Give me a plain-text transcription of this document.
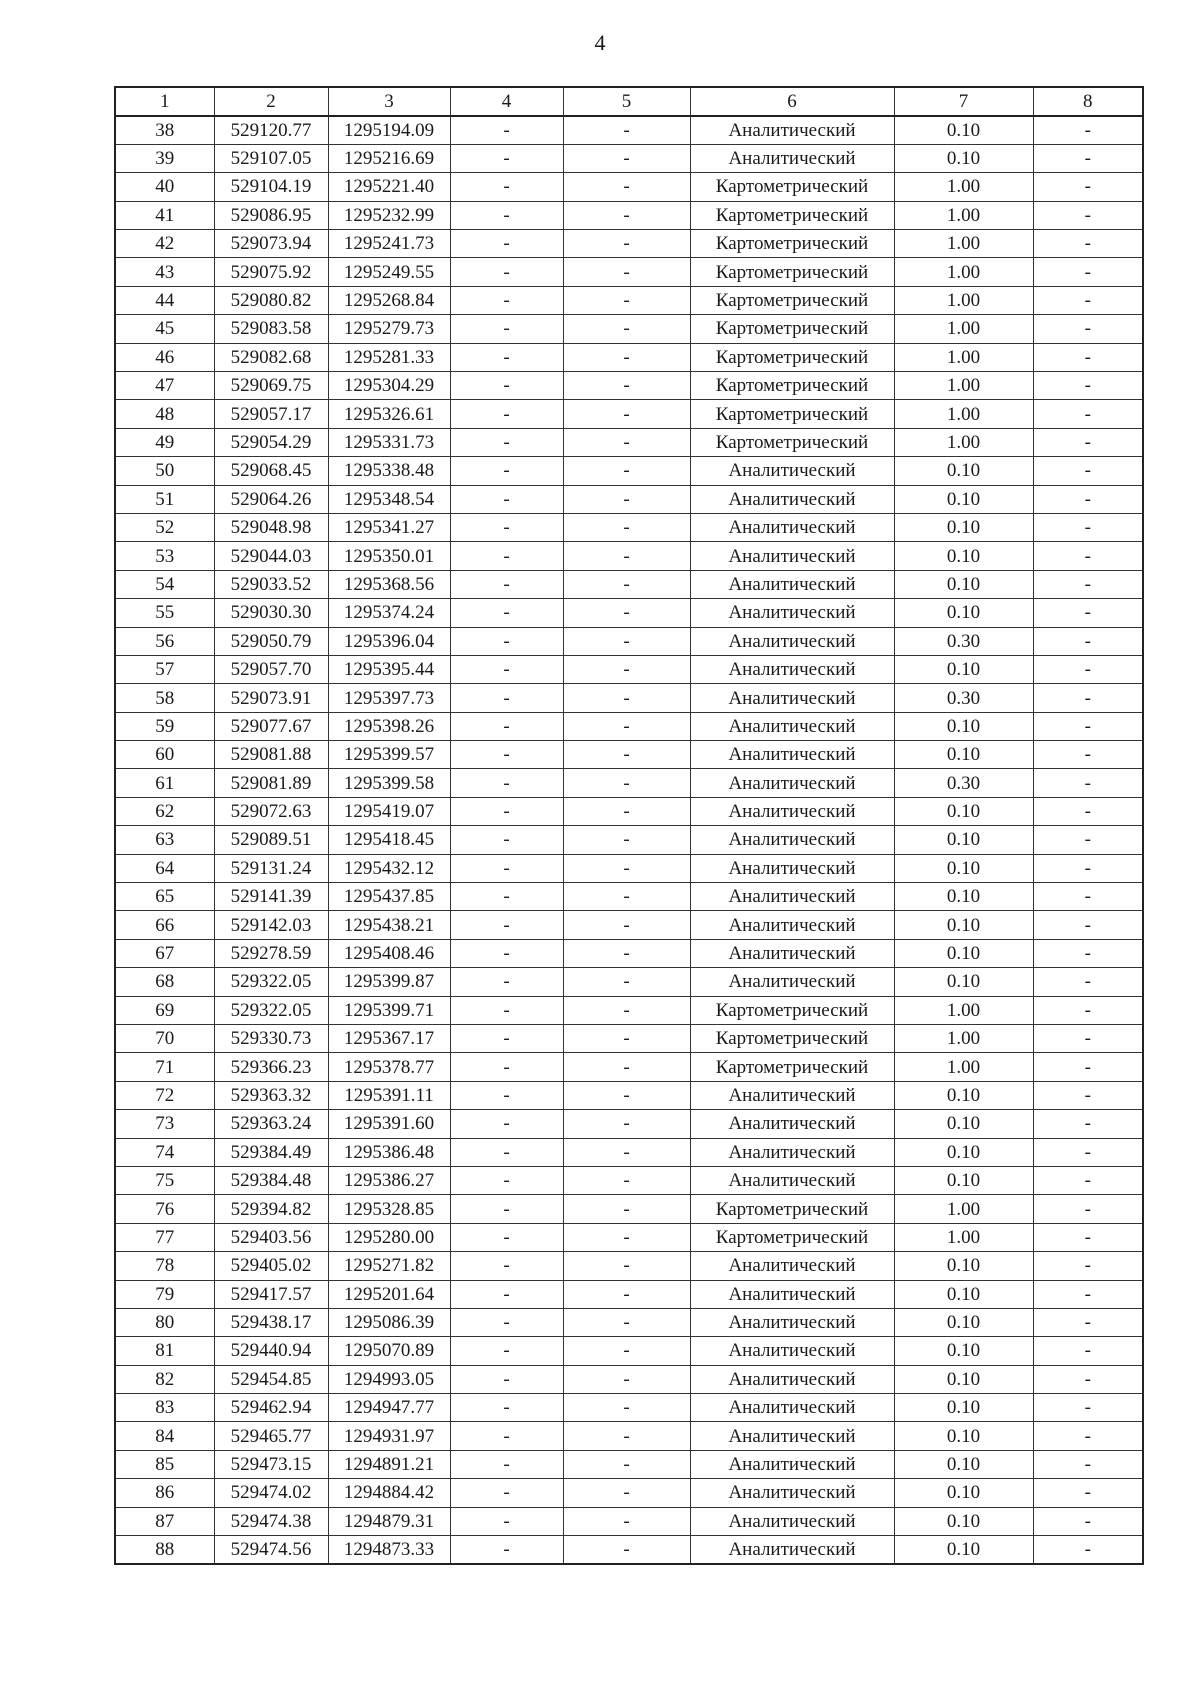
4
1	2	3	4	5	6	7	8
38	529120.77	1295194.09	-	-	Аналитический	0.10	-
39	529107.05	1295216.69	-	-	Аналитический	0.10	-
40	529104.19	1295221.40	-	-	Картометрический	1.00	-
41	529086.95	1295232.99	-	-	Картометрический	1.00	-
42	529073.94	1295241.73	-	-	Картометрический	1.00	-
43	529075.92	1295249.55	-	-	Картометрический	1.00	-
44	529080.82	1295268.84	-	-	Картометрический	1.00	-
45	529083.58	1295279.73	-	-	Картометрический	1.00	-
46	529082.68	1295281.33	-	-	Картометрический	1.00	-
47	529069.75	1295304.29	-	-	Картометрический	1.00	-
48	529057.17	1295326.61	-	-	Картометрический	1.00	-
49	529054.29	1295331.73	-	-	Картометрический	1.00	-
50	529068.45	1295338.48	-	-	Аналитический	0.10	-
51	529064.26	1295348.54	-	-	Аналитический	0.10	-
52	529048.98	1295341.27	-	-	Аналитический	0.10	-
53	529044.03	1295350.01	-	-	Аналитический	0.10	-
54	529033.52	1295368.56	-	-	Аналитический	0.10	-
55	529030.30	1295374.24	-	-	Аналитический	0.10	-
56	529050.79	1295396.04	-	-	Аналитический	0.30	-
57	529057.70	1295395.44	-	-	Аналитический	0.10	-
58	529073.91	1295397.73	-	-	Аналитический	0.30	-
59	529077.67	1295398.26	-	-	Аналитический	0.10	-
60	529081.88	1295399.57	-	-	Аналитический	0.10	-
61	529081.89	1295399.58	-	-	Аналитический	0.30	-
62	529072.63	1295419.07	-	-	Аналитический	0.10	-
63	529089.51	1295418.45	-	-	Аналитический	0.10	-
64	529131.24	1295432.12	-	-	Аналитический	0.10	-
65	529141.39	1295437.85	-	-	Аналитический	0.10	-
66	529142.03	1295438.21	-	-	Аналитический	0.10	-
67	529278.59	1295408.46	-	-	Аналитический	0.10	-
68	529322.05	1295399.87	-	-	Аналитический	0.10	-
69	529322.05	1295399.71	-	-	Картометрический	1.00	-
70	529330.73	1295367.17	-	-	Картометрический	1.00	-
71	529366.23	1295378.77	-	-	Картометрический	1.00	-
72	529363.32	1295391.11	-	-	Аналитический	0.10	-
73	529363.24	1295391.60	-	-	Аналитический	0.10	-
74	529384.49	1295386.48	-	-	Аналитический	0.10	-
75	529384.48	1295386.27	-	-	Аналитический	0.10	-
76	529394.82	1295328.85	-	-	Картометрический	1.00	-
77	529403.56	1295280.00	-	-	Картометрический	1.00	-
78	529405.02	1295271.82	-	-	Аналитический	0.10	-
79	529417.57	1295201.64	-	-	Аналитический	0.10	-
80	529438.17	1295086.39	-	-	Аналитический	0.10	-
81	529440.94	1295070.89	-	-	Аналитический	0.10	-
82	529454.85	1294993.05	-	-	Аналитический	0.10	-
83	529462.94	1294947.77	-	-	Аналитический	0.10	-
84	529465.77	1294931.97	-	-	Аналитический	0.10	-
85	529473.15	1294891.21	-	-	Аналитический	0.10	-
86	529474.02	1294884.42	-	-	Аналитический	0.10	-
87	529474.38	1294879.31	-	-	Аналитический	0.10	-
88	529474.56	1294873.33	-	-	Аналитический	0.10	-
